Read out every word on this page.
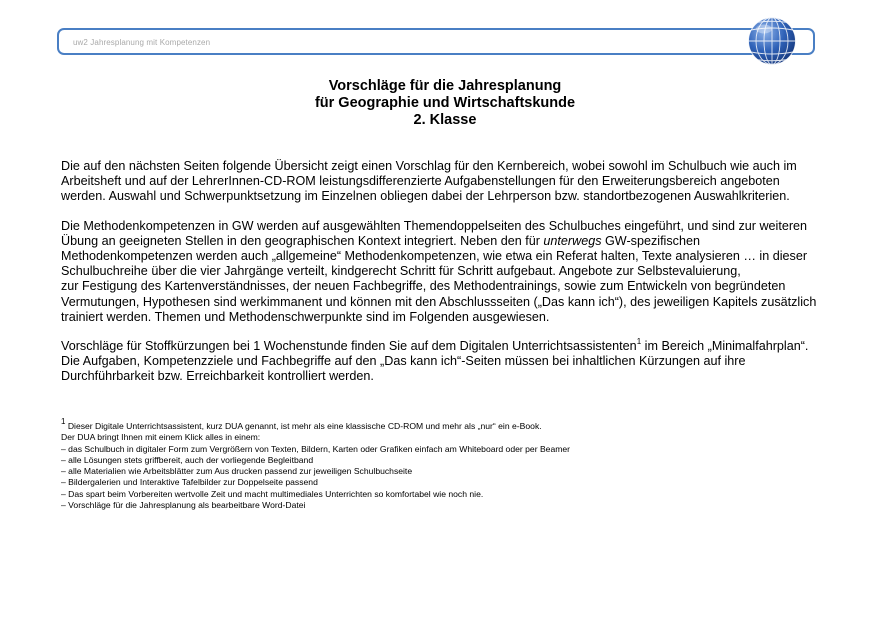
uw2 Jahresplanung mit Kompetenzen
Vorschläge für die Jahresplanung
für Geographie und Wirtschaftskunde
2. Klasse

Die auf den nächsten Seiten folgende Übersicht zeigt einen Vorschlag für den Kernbereich, wobei sowohl im Schulbuch wie auch im
Arbeitsheft und auf der LehrerInnen-CD-ROM leistungsdifferenzierte Aufgabenstellungen für den Erweiterungsbereich angeboten
werden. Auswahl und Schwerpunktsetzung im Einzelnen obliegen dabei der Lehrperson bzw. standortbezogenen Auswahlkriterien.

Die Methodenkompetenzen in GW werden auf ausgewählten Themendoppelseiten des Schulbuches eingeführt, und sind zur weiteren
Übung an geeigneten Stellen in den geographischen Kontext integriert. Neben den für unterwegs GW-spezifischen
Methodenkompetenzen werden auch „allgemeine“ Methodenkompetenzen, wie etwa ein Referat halten, Texte analysieren … in dieser
Schulbuchreihe über die vier Jahrgänge verteilt, kindgerecht Schritt für Schritt aufgebaut. Angebote zur Selbstevaluierung,
zur Festigung des Kartenverständnisses, der neuen Fachbegriffe, des Methodentrainings, sowie zum Entwickeln von begründeten
Vermutungen, Hypothesen sind werkimmanent und können mit den Abschlussseiten („Das kann ich“), des jeweiligen Kapitels zusätzlich
trainiert werden. Themen und Methodenschwerpunkte sind im Folgenden ausgewiesen.

Vorschläge für Stoffkürzungen bei 1 Wochenstunde finden Sie auf dem Digitalen Unterrichtsassistenten$^1$ im Bereich „Minimalfahrplan“.
Die Aufgaben, Kompetenzziele und Fachbegriffe auf den „Das kann ich“-Seiten müssen bei inhaltlichen Kürzungen auf ihre
Durchführbarkeit bzw. Erreichbarkeit kontrolliert werden.

$^1$ Dieser Digitale Unterrichtsassistent, kurz DUA genannt, ist mehr als eine klassische CD-ROM und mehr als „nur“ ein e-Book.
Der DUA bringt Ihnen mit einem Klick alles in einem:
– das Schulbuch in digitaler Form zum Vergrößern von Texten, Bildern, Karten oder Grafiken einfach am Whiteboard oder per Beamer
– alle Lösungen stets griffbereit, auch der vorliegende Begleitband
– alle Materialien wie Arbeitsblätter zum Aus drucken passend zur jeweiligen Schulbuchseite
– Bildergalerien und Interaktive Tafelbilder zur Doppelseite passend
– Das spart beim Vorbereiten wertvolle Zeit und macht multimediales Unterrichten so komfortabel wie noch nie.
– Vorschläge für die Jahresplanung als bearbeitbare Word-Datei
